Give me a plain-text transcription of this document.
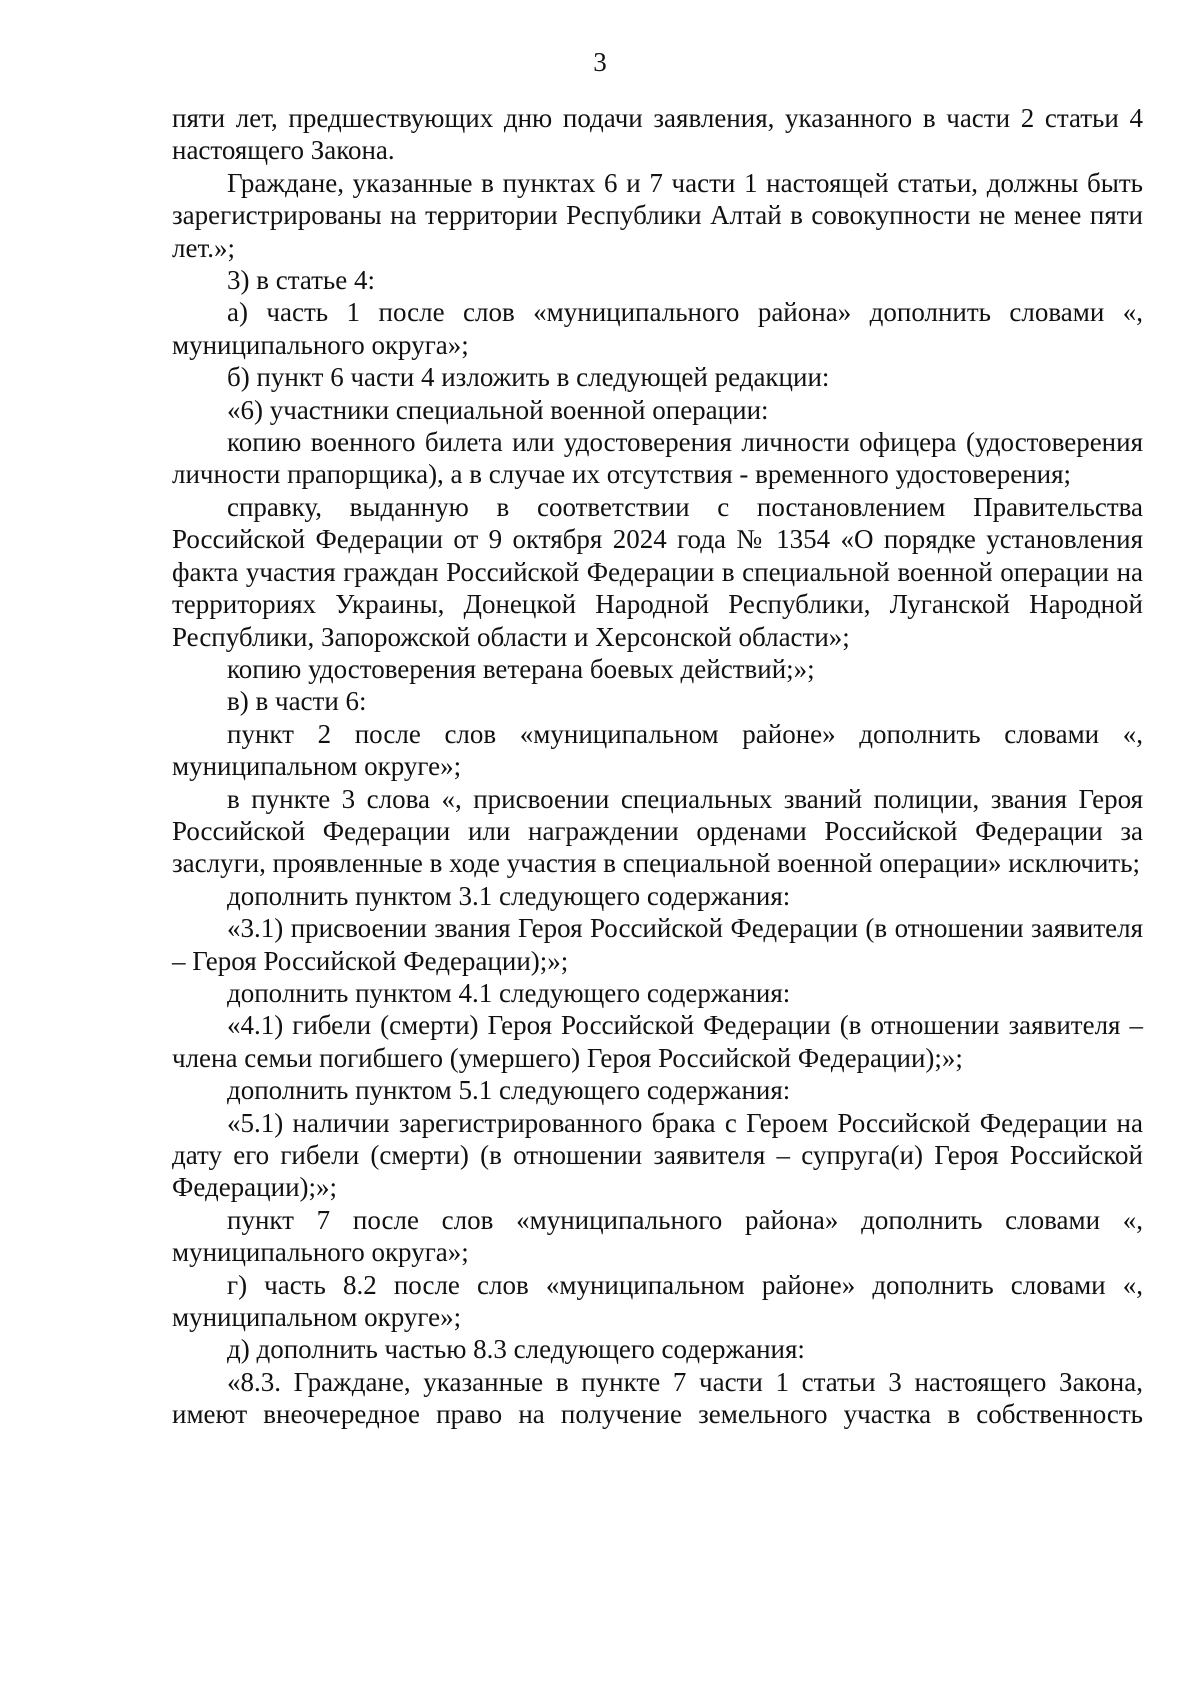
3

пяти лет, предшествующих дню подачи заявления, указанного в части 2 статьи 4 настоящего Закона.

Граждане, указанные в пунктах 6 и 7 части 1 настоящей статьи, должны быть зарегистрированы на территории Республики Алтай в совокупности не менее пяти лет.»;

3) в статье 4:

а) часть 1 после слов «муниципального района» дополнить словами «, муниципального округа»;

б) пункт 6 части 4 изложить в следующей редакции:

«6) участники специальной военной операции:

копию военного билета или удостоверения личности офицера (удостоверения личности прапорщика), а в случае их отсутствия - временного удостоверения;

справку, выданную в соответствии с постановлением Правительства Российской Федерации от 9 октября 2024 года № 1354 «О порядке установления факта участия граждан Российской Федерации в специальной военной операции на территориях Украины, Донецкой Народной Республики, Луганской Народной Республики, Запорожской области и Херсонской области»;

копию удостоверения ветерана боевых действий;»;

в) в части 6:

пункт 2 после слов «муниципальном районе» дополнить словами «, муниципальном округе»;

в пункте 3 слова «, присвоении специальных званий полиции, звания Героя Российской Федерации или награждении орденами Российской Федерации за заслуги, проявленные в ходе участия в специальной военной операции» исключить;

дополнить пунктом 3.1 следующего содержания:

«3.1) присвоении звания Героя Российской Федерации (в отношении заявителя – Героя Российской Федерации);»;

дополнить пунктом 4.1 следующего содержания:

«4.1) гибели (смерти) Героя Российской Федерации (в отношении заявителя – члена семьи погибшего (умершего) Героя Российской Федерации);»;

дополнить пунктом 5.1 следующего содержания:

«5.1) наличии зарегистрированного брака с Героем Российской Федерации на дату его гибели (смерти) (в отношении заявителя – супруга(и) Героя Российской Федерации);»;

пункт 7 после слов «муниципального района» дополнить словами «, муниципального округа»;

г) часть 8.2 после слов «муниципальном районе» дополнить словами «, муниципальном округе»;

д) дополнить частью 8.3 следующего содержания:

«8.3. Граждане, указанные в пункте 7 части 1 статьи 3 настоящего Закона, имеют внеочередное право на получение земельного участка в собственность
